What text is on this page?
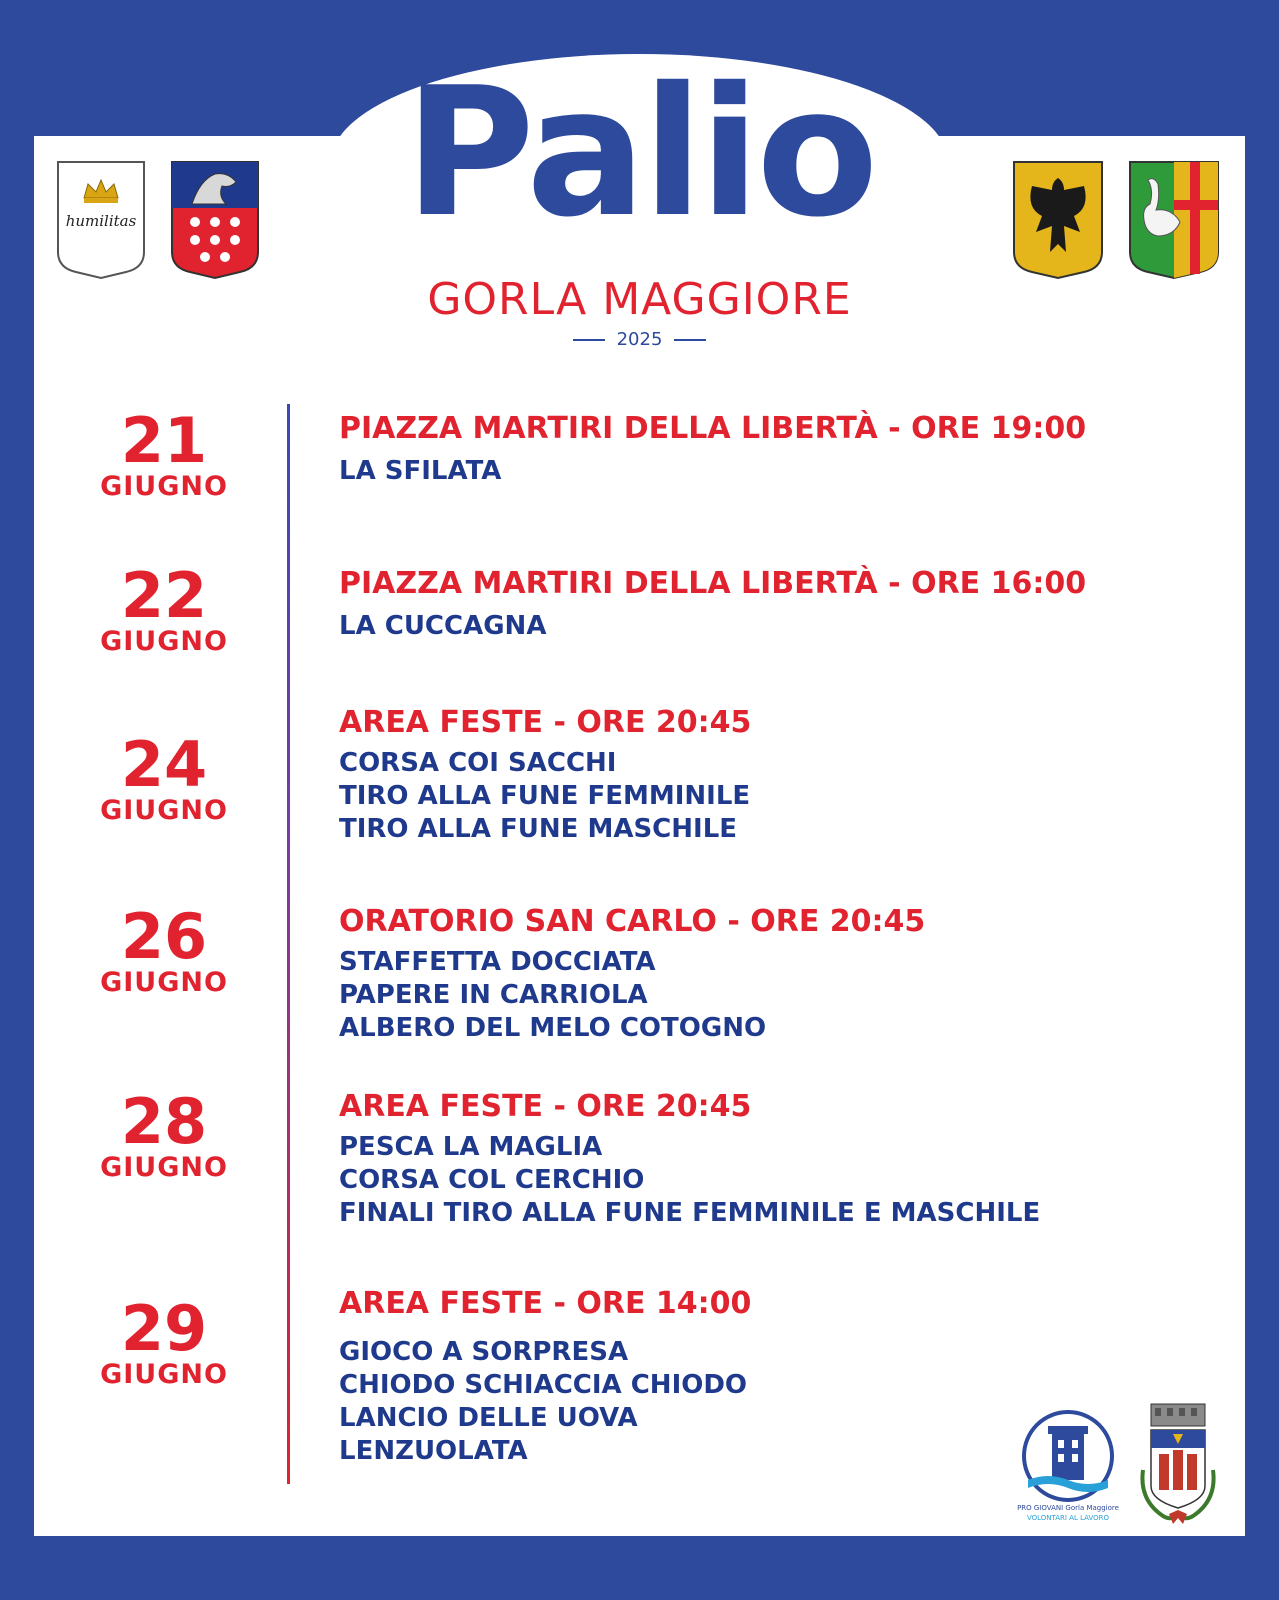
Palio
GORLA MAGGIORE
2025
humilitas
21
GIUGNO
22
GIUGNO
24
GIUGNO
26
GIUGNO
28
GIUGNO
29
GIUGNO
PIAZZA MARTIRI DELLA LIBERTÀ - ORE 19:00
LA SFILATA
PIAZZA MARTIRI DELLA LIBERTÀ - ORE 16:00
LA CUCCAGNA
AREA FESTE - ORE 20:45
CORSA COI SACCHI
TIRO ALLA FUNE FEMMINILE
TIRO ALLA FUNE MASCHILE
ORATORIO SAN CARLO - ORE 20:45
STAFFETTA DOCCIATA
PAPERE IN CARRIOLA
ALBERO DEL MELO COTOGNO
AREA FESTE - ORE 20:45
PESCA LA MAGLIA
CORSA COL CERCHIO
FINALI TIRO ALLA FUNE FEMMINILE E MASCHILE
AREA FESTE - ORE 14:00
GIOCO A SORPRESA
CHIODO SCHIACCIA CHIODO
LANCIO DELLE UOVA
LENZUOLATA
PRO GIOVANI Gorla Maggiore
VOLONTARI AL LAVORO
